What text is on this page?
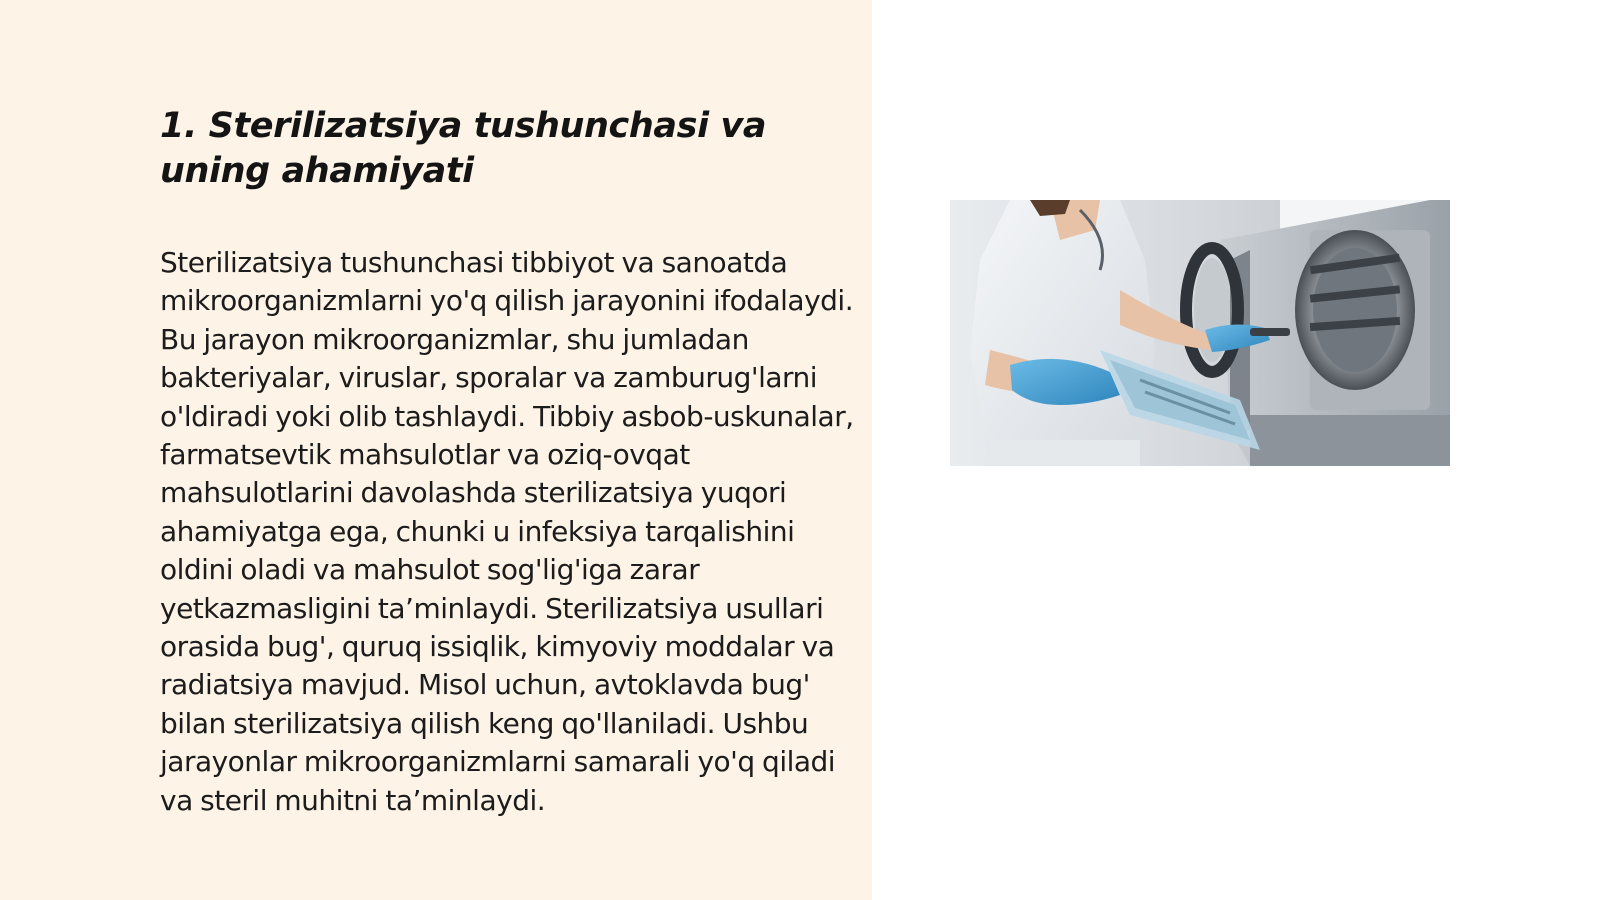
1. Sterilizatsiya tushunchasi va uning ahamiyati

Sterilizatsiya tushunchasi tibbiyot va sanoatda mikroorganizmlarni yo'q qilish jarayonini ifodalaydi. Bu jarayon mikroorganizmlar, shu jumladan bakteriyalar, viruslar, sporalar va zamburug'larni o'ldiradi yoki olib tashlaydi. Tibbiy asbob-uskunalar, farmatsevtik mahsulotlar va oziq-ovqat mahsulotlarini davolashda sterilizatsiya yuqori ahamiyatga ega, chunki u infeksiya tarqalishini oldini oladi va mahsulot sog'lig'iga zarar yetkazmasligini ta’minlaydi. Sterilizatsiya usullari orasida bug', quruq issiqlik, kimyoviy moddalar va radiatsiya mavjud. Misol uchun, avtoklavda bug' bilan sterilizatsiya qilish keng qo'llaniladi. Ushbu jarayonlar mikroorganizmlarni samarali yo'q qiladi va steril muhitni ta’minlaydi.
